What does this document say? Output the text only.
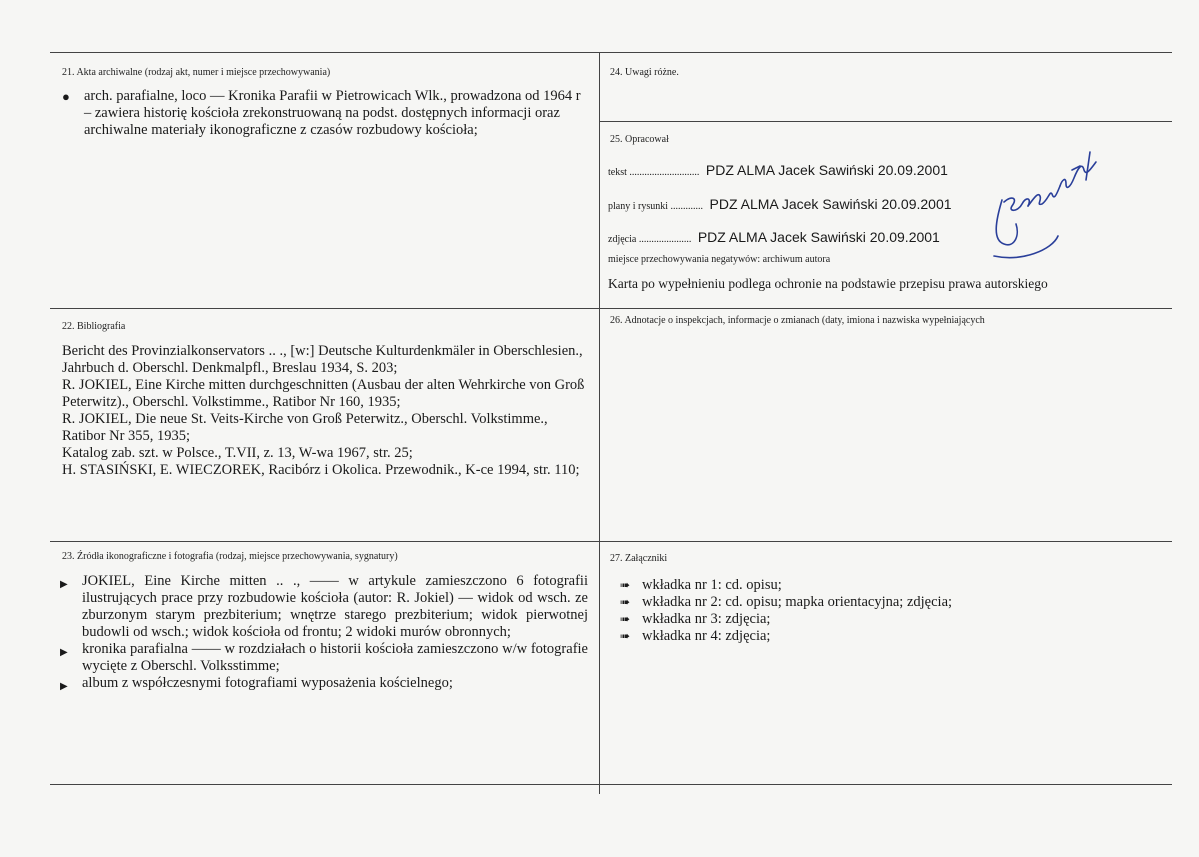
21. Akta archiwalne (rodzaj akt, numer i miejsce przechowywania)
● arch. parafialne, loco — Kronika Parafii w Pietrowicach Wlk., prowadzona od 1964 r – zawiera historię kościoła zrekonstruowaną na podst. dostępnych informacji oraz archiwalne materiały ikonograficzne z czasów rozbudowy kościoła;
24. Uwagi różne.
25. Opracował
tekst ............................ PDZ ALMA Jacek Sawiński 20.09.2001
plany i rysunki ............. PDZ ALMA Jacek Sawiński 20.09.2001
zdjęcia ..................... PDZ ALMA Jacek Sawiński 20.09.2001
miejsce przechowywania negatywów: archiwum autora
Karta po wypełnieniu podlega ochronie na podstawie przepisu prawa autorskiego
22. Bibliografia

Bericht des Provinzialkonservators .. ., [w:] Deutsche Kulturdenkmäler in Oberschlesien., Jahrbuch d. Oberschl. Denkmalpfl., Breslau 1934, S. 203;

R. JOKIEL, Eine Kirche mitten durchgeschnitten (Ausbau der alten Wehrkirche von Groß Peterwitz)., Oberschl. Volkstimme., Ratibor Nr 160, 1935;

R. JOKIEL, Die neue St. Veits-Kirche von Groß Peterwitz., Oberschl. Volkstimme., Ratibor Nr 355, 1935;

Katalog zab. szt. w Polsce., T.VII, z. 13, W-wa 1967, str. 25;

H. STASIŃSKI, E. WIECZOREK, Racibórz i Okolica. Przewodnik., K-ce 1994, str. 110;

26. Adnotacje o inspekcjach, informacje o zmianach (daty, imiona i nazwiska wypełniających
23. Źródła ikonograficzne i fotografia (rodzaj, miejsce przechowywania, sygnatury)
▶ JOKIEL, Eine Kirche mitten .. ., —— w artykule zamieszczono 6 fotografii ilustrujących prace przy rozbudowie kościoła (autor: R. Jokiel) — widok od wsch. ze zburzonym starym prezbiterium; wnętrze starego prezbiterium; widok pierwotnej budowli od wsch.; widok kościoła od frontu; 2 widoki murów obronnych;
▶ kronika parafialna —— w rozdziałach o historii kościoła zamieszczono w/w fotografie wycięte z Oberschl. Volksstimme;
▶ album z współczesnymi fotografiami wyposażenia kościelnego;
27. Załączniki
➠ wkładka nr 1: cd. opisu;
➠ wkładka nr 2: cd. opisu; mapka orientacyjna; zdjęcia;
➠ wkładka nr 3: zdjęcia;
➠ wkładka nr 4: zdjęcia;
